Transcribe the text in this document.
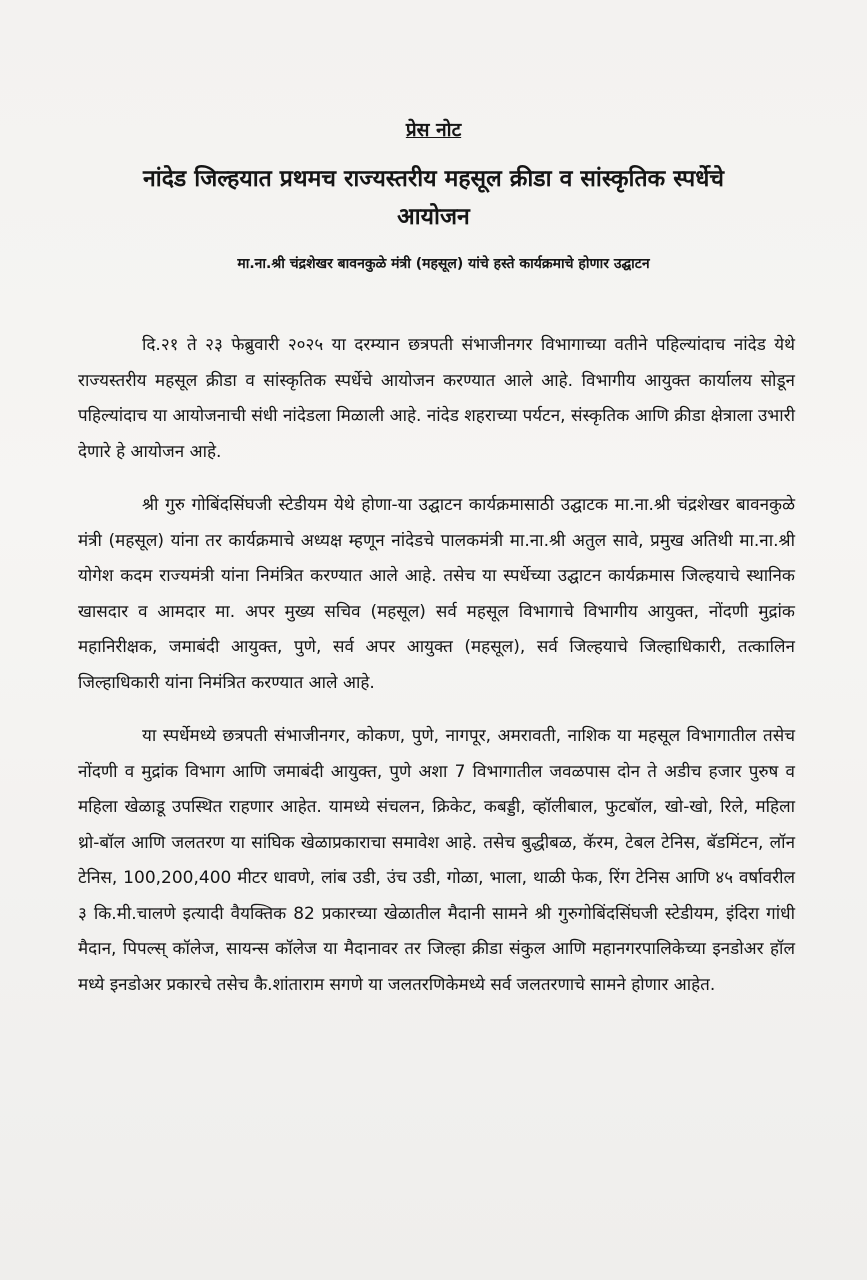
प्रेस नोट
नांदेड जिल्हयात प्रथमच राज्यस्तरीय महसूल क्रीडा व सांस्कृतिक स्पर्धेचे आयोजन
मा.ना.श्री चंद्रशेखर बावनकुळे मंत्री (महसूल) यांचे हस्ते कार्यक्रमाचे होणार उद्घाटन

दि.२१ ते २३ फेब्रुवारी २०२५ या दरम्यान छत्रपती संभाजीनगर विभागाच्या वतीने पहिल्यांदाच नांदेड येथे राज्यस्तरीय महसूल क्रीडा व सांस्कृतिक स्पर्धेचे आयोजन करण्यात आले आहे. विभागीय आयुक्त कार्यालय सोडून पहिल्यांदाच या आयोजनाची संधी नांदेडला मिळाली आहे. नांदेड शहराच्या पर्यटन, संस्कृतिक आणि क्रीडा क्षेत्राला उभारी देणारे हे आयोजन आहे.

श्री गुरु गोबिंदसिंघजी स्टेडीयम येथे होणा-या उद्घाटन कार्यक्रमासाठी उद्घाटक मा.ना.श्री चंद्रशेखर बावनकुळे मंत्री (महसूल) यांना तर कार्यक्रमाचे अध्यक्ष म्हणून नांदेडचे पालकमंत्री मा.ना.श्री अतुल सावे, प्रमुख अतिथी मा.ना.श्री योगेश कदम राज्यमंत्री यांना निमंत्रित करण्यात आले आहे. तसेच या स्पर्धेच्या उद्घाटन कार्यक्रमास जिल्हयाचे स्थानिक खासदार व आमदार मा. अपर मुख्य सचिव (महसूल) सर्व महसूल विभागाचे विभागीय आयुक्त, नोंदणी मुद्रांक महानिरीक्षक, जमाबंदी आयुक्त, पुणे, सर्व अपर आयुक्त (महसूल), सर्व जिल्हयाचे जिल्हाधिकारी, तत्कालिन जिल्हाधिकारी यांना निमंत्रित करण्यात आले आहे.

या स्पर्धेमध्ये छत्रपती संभाजीनगर, कोकण, पुणे, नागपूर, अमरावती, नाशिक या महसूल विभागातील तसेच नोंदणी व मुद्रांक विभाग आणि जमाबंदी आयुक्त, पुणे अशा 7 विभागातील जवळपास दोन ते अडीच हजार पुरुष व महिला खेळाडू उपस्थित राहणार आहेत. यामध्ये संचलन, क्रिकेट, कबड्डी, व्हॉलीबाल, फुटबॉल, खो-खो, रिले, महिला थ्रो-बॉल आणि जलतरण या सांघिक खेळाप्रकाराचा समावेश आहे. तसेच बुद्धीबळ, कॅरम, टेबल टेनिस, बॅडमिंटन, लॉन टेनिस, 100,200,400 मीटर धावणे, लांब उडी, उंच उडी, गोळा, भाला, थाळी फेक, रिंग टेनिस आणि ४५ वर्षावरील ३ कि.मी.चालणे इत्यादी वैयक्तिक 82 प्रकारच्या खेळातील मैदानी सामने श्री गुरुगोबिंदसिंघजी स्टेडीयम, इंदिरा गांधी मैदान, पिपल्स् कॉलेज, सायन्स कॉलेज या मैदानावर तर जिल्हा क्रीडा संकुल आणि महानगरपालिकेच्या इनडोअर हॉल मध्ये इनडोअर प्रकारचे तसेच कै.शांताराम सगणे या जलतरणिकेमध्ये सर्व जलतरणाचे सामने होणार आहेत.
